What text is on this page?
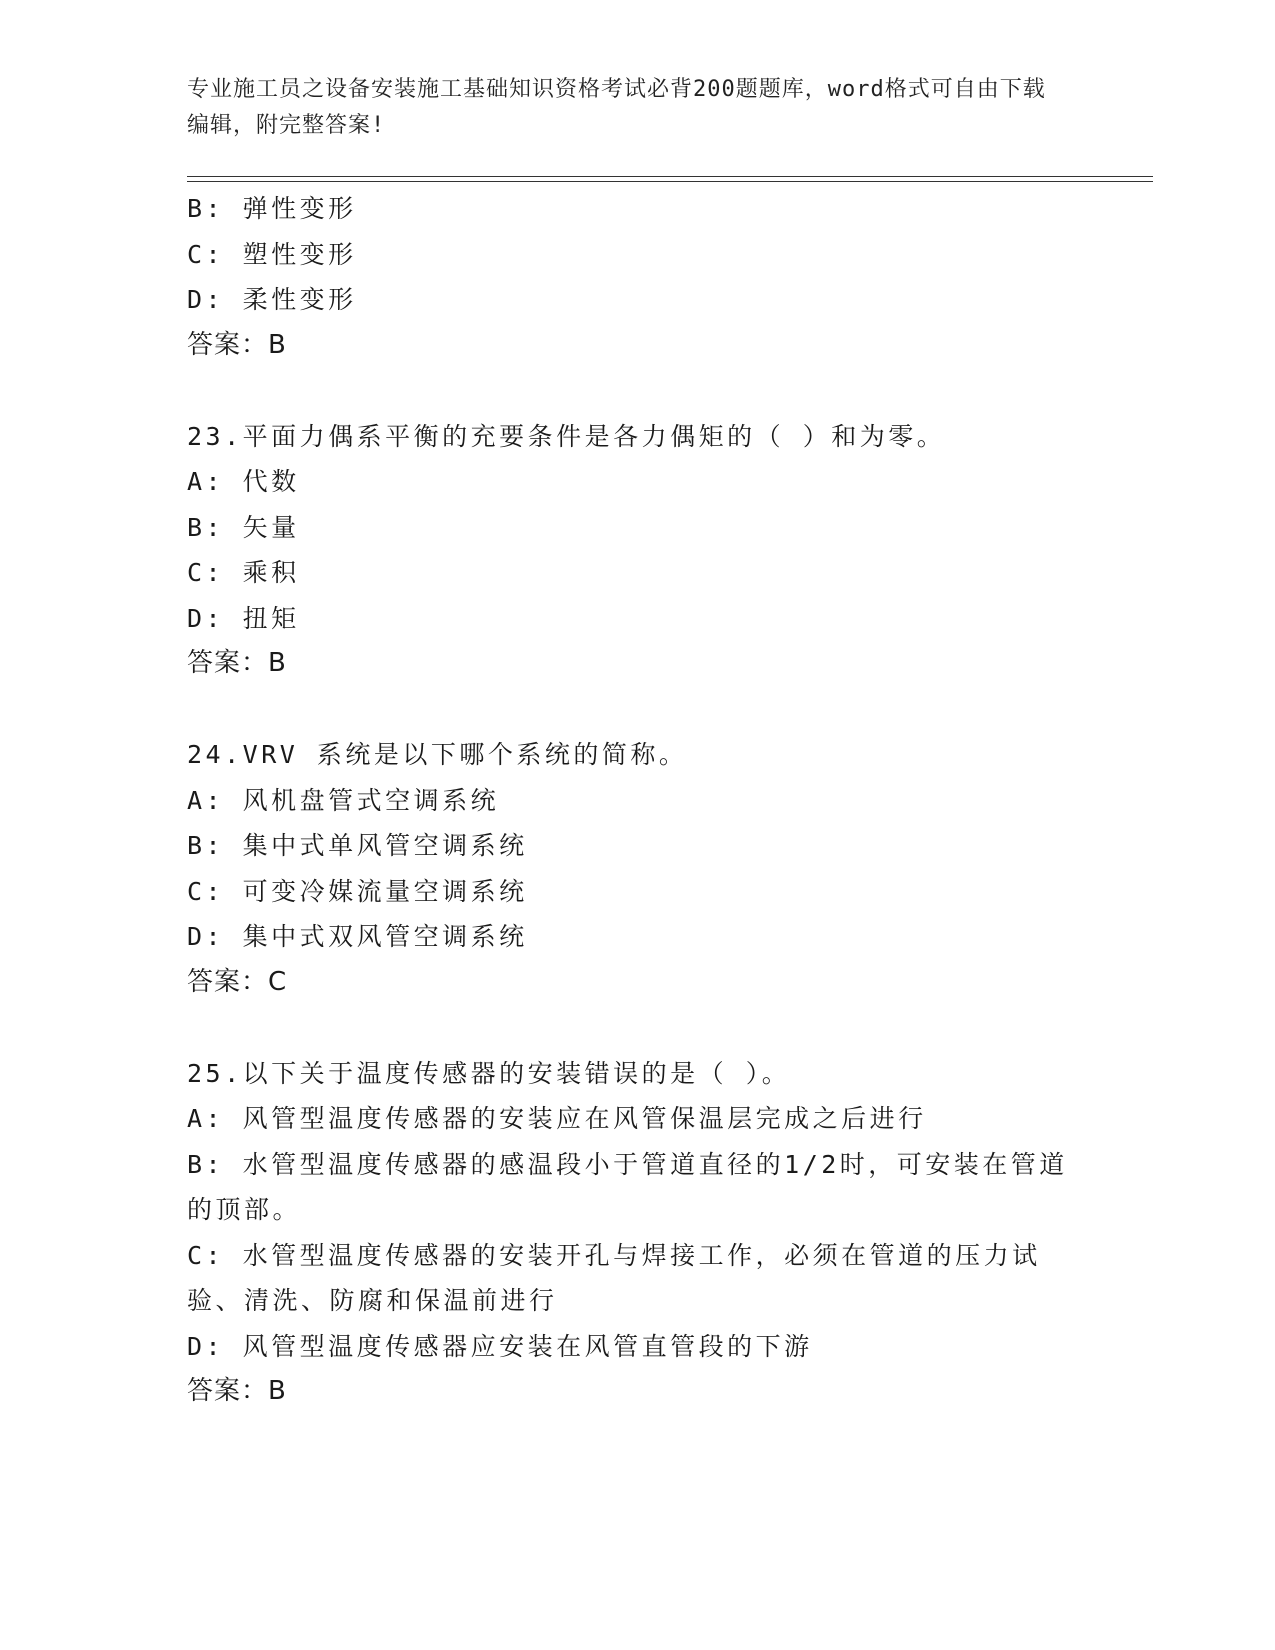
专业施工员之设备安装施工基础知识资格考试必背200题题库，word格式可自由下载编辑，附完整答案!
B: 弹性变形
C: 塑性变形
D: 柔性变形
答案：B
23.平面力偶系平衡的充要条件是各力偶矩的（ ）和为零。
A: 代数
B: 矢量
C: 乘积
D: 扭矩
答案：B
24.VRV 系统是以下哪个系统的简称。
A: 风机盘管式空调系统
B: 集中式单风管空调系统
C: 可变冷媒流量空调系统
D: 集中式双风管空调系统
答案：C
25.以下关于温度传感器的安装错误的是（ ）。
A: 风管型温度传感器的安装应在风管保温层完成之后进行
B: 水管型温度传感器的感温段小于管道直径的1/2时，可安装在管道的顶部。
C: 水管型温度传感器的安装开孔与焊接工作，必须在管道的压力试验、清洗、防腐和保温前进行
D: 风管型温度传感器应安装在风管直管段的下游
答案：B
